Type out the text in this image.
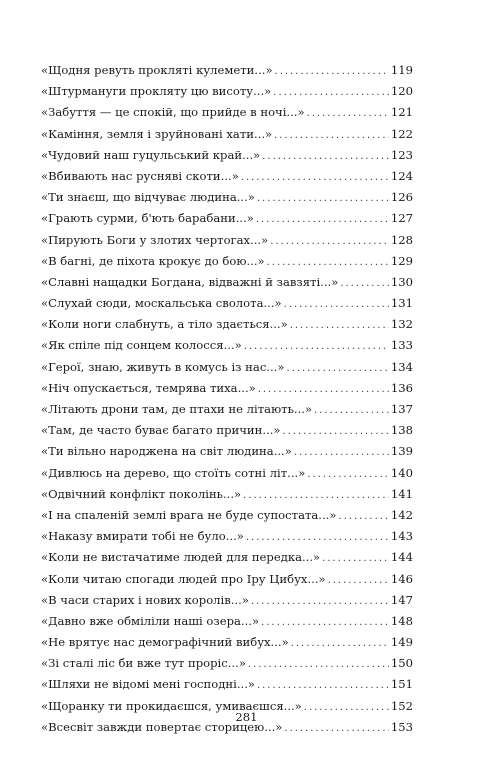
«Щодня ревуть прокляті кулемети...» . . .	119
«Штурмануги прокляту цю висоту...» . . .	120
«Забуття — це спокій, що прийде в ночі...» . . .	121
«Каміння, земля і зруйновані хати...» . . .	122
«Чудовий наш гуцульський край...» . . .	123
«Вбивають нас русняві скоти...» . . .	124
«Ти знаєш, що відчуває людина...» . . .	126
«Грають сурми, б'ють барабани...» . . .	127
«Пирують Боги у злотих чертогах...» . . .	128
«В багні, де піхота крокує до бою...» . . .	129
«Славні нащадки Богдана, відважні й завзяті...» . . .	130
«Слухай сюди, москальська сволота...» . . .	131
«Коли ноги слабнуть, а тіло здається...» . . .	132
«Як спіле під сонцем колосся...» . . .	133
«Герої, знаю, живуть в комусь із нас...» . . .	134
«Ніч опускається, темрява тиха...» . . .	136
«Літають дрони там, де птахи не літають...» . . .	137
«Там, де часто буває багато причин...» . . .	138
«Ти вільно народжена на світ людина...» . . .	139
«Дивлюсь на дерево, що стоїть сотні літ...» . . .	140
«Одвічний конфлікт поколінь...» . . .	141
«І на спаленій землі врага не буде супостата...» . . .	142
«Наказу вмирати тобі не було...» . . .	143
«Коли не вистачатиме людей для передка...» . . .	144
«Коли читаю спогади людей про Іру Цибух...» . . .	146
«В часи старих і нових королів...» . . .	147
«Давно вже обміліли наші озера...» . . .	148
«Не врятує нас демографічний вибух...» . . .	149
«Зі сталі ліс би вже тут проріс...» . . .	150
«Шляхи не відомі мені господні...» . . .	151
«Щоранку ти прокидаєшся, умиваєшся...» . . .	152
«Всесвіт завжди повертає сторицею...» . . .	153
281
